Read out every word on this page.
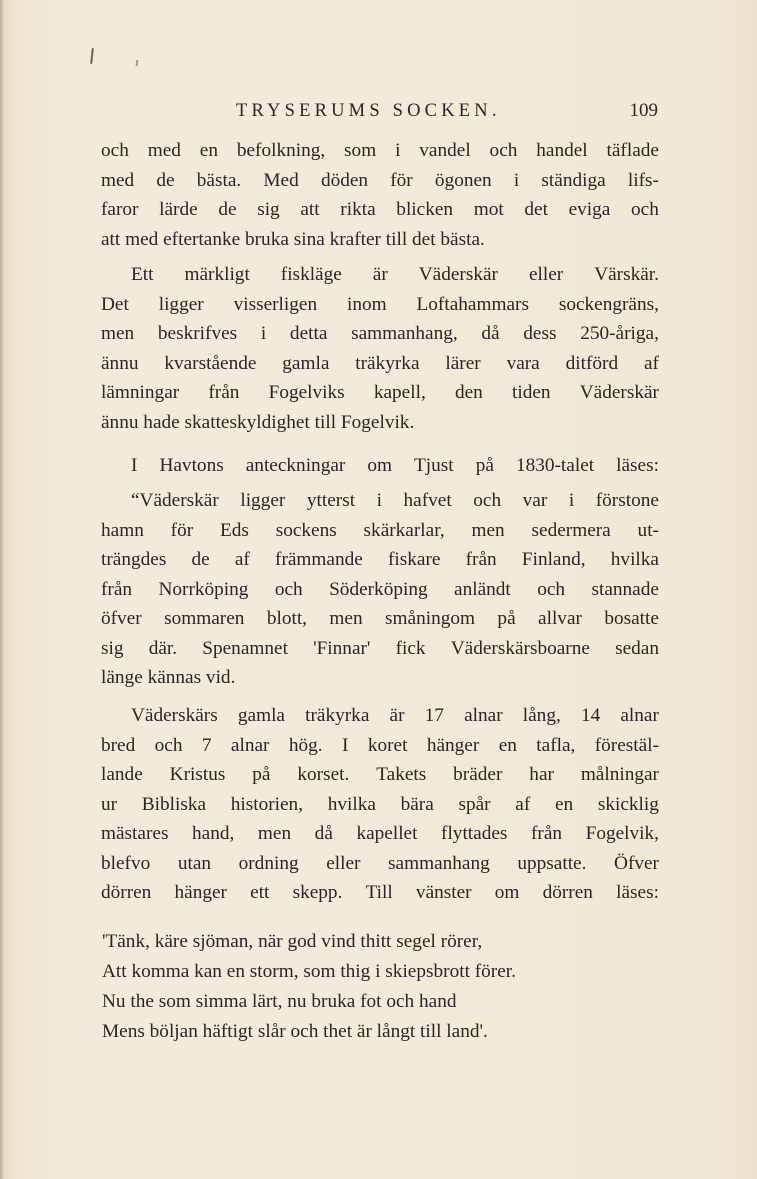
TRYSERUMS SOCKEN.	109
och med en befolkning, som i vandel och handel täflade
med de bästa. Med döden för ögonen i ständiga lifs-
faror lärde de sig att rikta blicken mot det eviga och
att med eftertanke bruka sina krafter till det bästa.
Ett märkligt fiskläge är Väderskär eller Värskär.
Det ligger visserligen inom Loftahammars sockengräns,
men beskrifves i detta sammanhang, då dess 250-åriga,
ännu kvarstående gamla träkyrka lärer vara ditförd af
lämningar från Fogelviks kapell, den tiden Väderskär
ännu hade skatteskyldighet till Fogelvik.
I Havtons anteckningar om Tjust på 1830-talet läses:
“Väderskär ligger ytterst i hafvet och var i förstone
hamn för Eds sockens skärkarlar, men sedermera ut-
trängdes de af främmande fiskare från Finland, hvilka
från Norrköping och Söderköping anländt och stannade
öfver sommaren blott, men småningom på allvar bosatte
sig där. Spenamnet 'Finnar' fick Väderskärsboarne sedan
länge kännas vid.
Väderskärs gamla träkyrka är 17 alnar lång, 14 alnar
bred och 7 alnar hög. I koret hänger en tafla, förestäl-
lande Kristus på korset. Takets bräder har målningar
ur Bibliska historien, hvilka bära spår af en skicklig
mästares hand, men då kapellet flyttades från Fogelvik,
blefvo utan ordning eller sammanhang uppsatte. Öfver
dörren hänger ett skepp. Till vänster om dörren läses:
'Tänk, käre sjöman, när god vind thitt segel rörer,
Att komma kan en storm, som thig i skiepsbrott förer.
Nu the som simma lärt, nu bruka fot och hand
Mens böljan häftigt slår och thet är långt till land'.
